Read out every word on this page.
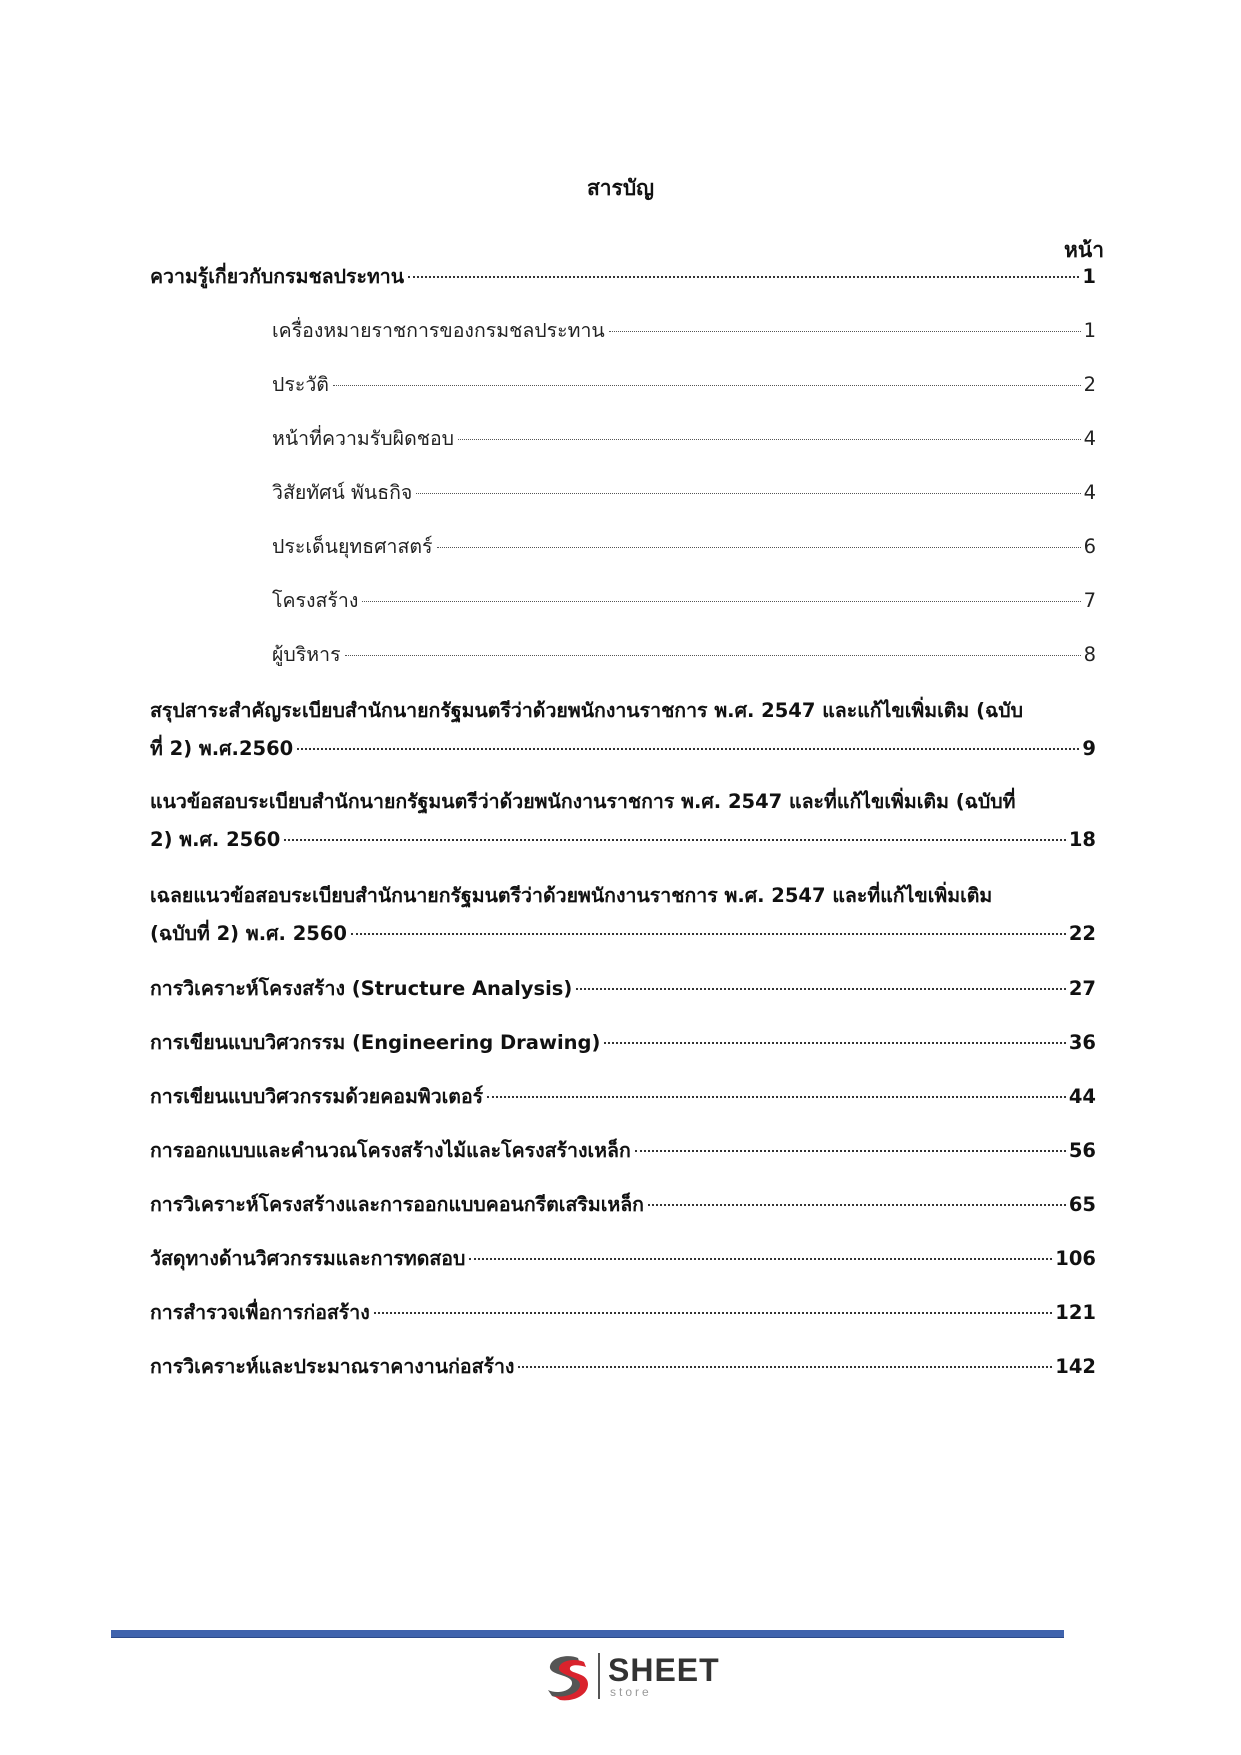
สารบัญ
หน้า
ความรู้เกี่ยวกับกรมชลประทาน	1
เครื่องหมายราชการของกรมชลประทาน	1
ประวัติ	2
หน้าที่ความรับผิดชอบ	4
วิสัยทัศน์ พันธกิจ	4
ประเด็นยุทธศาสตร์	6
โครงสร้าง	7
ผู้บริหาร	8
สรุปสาระสำคัญระเบียบสำนักนายกรัฐมนตรีว่าด้วยพนักงานราชการ พ.ศ. 2547 และแก้ไขเพิ่มเติม (ฉบับ
ที่ 2) พ.ศ.2560	9
แนวข้อสอบระเบียบสำนักนายกรัฐมนตรีว่าด้วยพนักงานราชการ พ.ศ. 2547 และที่แก้ไขเพิ่มเติม (ฉบับที่
2) พ.ศ. 2560	18
เฉลยแนวข้อสอบระเบียบสำนักนายกรัฐมนตรีว่าด้วยพนักงานราชการ พ.ศ. 2547 และที่แก้ไขเพิ่มเติม
(ฉบับที่ 2) พ.ศ. 2560	22
การวิเคราะห์โครงสร้าง (Structure Analysis)	27
การเขียนแบบวิศวกรรม (Engineering Drawing)	36
การเขียนแบบวิศวกรรมด้วยคอมพิวเตอร์	44
การออกแบบและคำนวณโครงสร้างไม้และโครงสร้างเหล็ก	56
การวิเคราะห์โครงสร้างและการออกแบบคอนกรีตเสริมเหล็ก	65
วัสดุทางด้านวิศวกรรมและการทดสอบ	106
การสำรวจเพื่อการก่อสร้าง	121
การวิเคราะห์และประมาณราคางานก่อสร้าง	142
SHEET
store
